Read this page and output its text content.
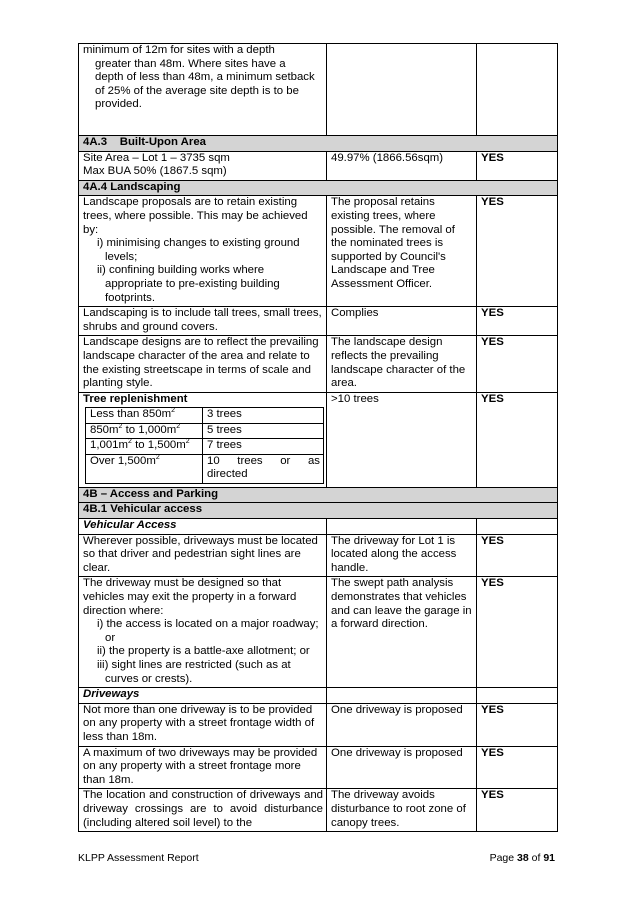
minimum of 12m for sites with a depth
greater than 48m. Where sites have a
depth of less than 48m, a minimum setback
of 25% of the average site depth is to be
provided.

4A.3 Built-Upon Area

Site Area – Lot 1 – 3735 sqm
Max BUA 50% (1867.5 sqm)
	49.97% (1866.56sqm)	YES
4A.4 Landscaping

Landscape proposals are to retain existing trees, where possible. This may be achieved by:
i) minimising changes to existing ground levels;
ii) confining building works where appropriate to pre-existing building footprints.
	The proposal retains existing trees, where possible. The removal of the nominated trees is supported by Council's Landscape and Tree Assessment Officer.	YES
Landscaping is to include tall trees, small trees, shrubs and ground covers.	Complies	YES
Landscape designs are to reflect the prevailing landscape character of the area and relate to the existing streetscape in terms of scale and planting style.	The landscape design reflects the prevailing landscape character of the area.	YES

Tree replenishment
Less than $850m^2$	3 trees
$850m^2$ to $1,000m^2$	5 trees
$1,001m^2$ to $1,500m^2$	7 trees
Over $1,500m^2$	10 trees or as directed
	>10 trees	YES
4B – Access and Parking
4B.1 Vehicular access
Vehicular Access		
Wherever possible, driveways must be located so that driver and pedestrian sight lines are clear.	The driveway for Lot 1 is located along the access handle.	YES

The driveway must be designed so that vehicles may exit the property in a forward direction where:
i) the access is located on a major roadway; or
ii) the property is a battle-axe allotment; or
iii) sight lines are restricted (such as at curves or crests).
	The swept path analysis demonstrates that vehicles and can leave the garage in a forward direction.	YES
Driveways		
Not more than one driveway is to be provided on any property with a street frontage width of less than 18m.	One driveway is proposed	YES
A maximum of two driveways may be provided on any property with a street frontage more than 18m.	One driveway is proposed	YES
The location and construction of driveways and driveway crossings are to avoid disturbance (including altered soil level) to the	The driveway avoids disturbance to root zone of canopy trees.	YES
KLPP Assessment Report	Page 38 of 91
